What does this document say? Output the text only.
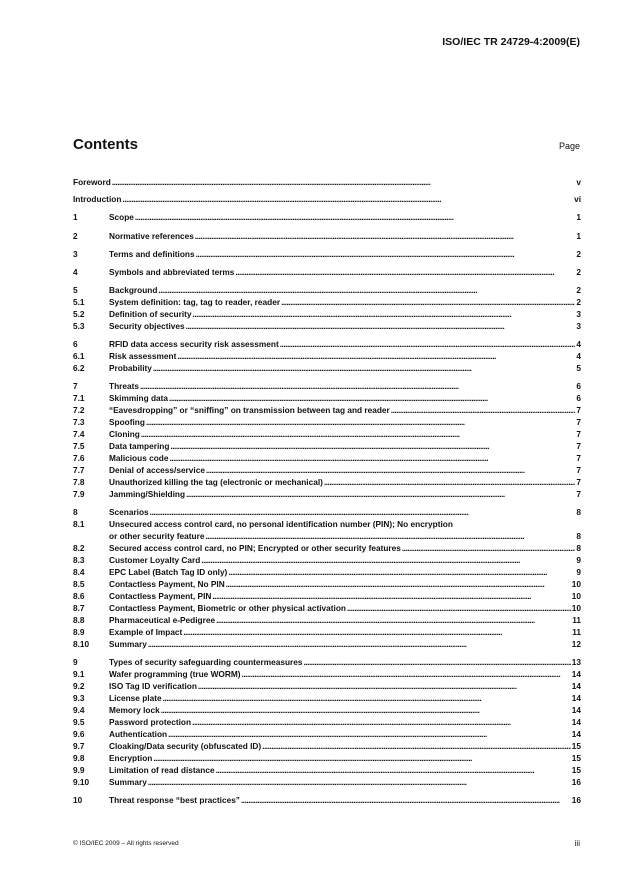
ISO/IEC TR 24729-4:2009(E)
Contents	Page
Foreword . . .	v
Introduction . . .	vi
1	Scope . . .	1
2	Normative references . . .	1
3	Terms and definitions . . .	2
4	Symbols and abbreviated terms . . .	2
5	Background . . .	2
5.1	System definition: tag, tag to reader, reader . . .	2
5.2	Definition of security . . .	3
5.3	Security objectives . . .	3
6	RFID data access security risk assessment . . .	4
6.1	Risk assessment . . .	4
6.2	Probability . . .	5
7	Threats . . .	6
7.1	Skimming data . . .	6
7.2	“Eavesdropping” or “sniffing” on transmission between tag and reader . . .	7
7.3	Spoofing . . .	7
7.4	Cloning . . .	7
7.5	Data tampering . . .	7
7.6	Malicious code . . .	7
7.7	Denial of access/service . . .	7
7.8	Unauthorized killing the tag (electronic or mechanical) . . .	7
7.9	Jamming/Shielding . . .	7
8	Scenarios . . .	8
8.1	Unsecured access control card, no personal identification number (PIN); No encryption
or other security feature . . .	8
8.2	Secured access control card, no PIN; Encrypted or other security features . . .	8
8.3	Customer Loyalty Card . . .	9
8.4	EPC Label (Batch Tag ID only) . . .	9
8.5	Contactless Payment, No PIN . . .	10
8.6	Contactless Payment, PIN . . .	10
8.7	Contactless Payment, Biometric or other physical activation . . .	10
8.8	Pharmaceutical e-Pedigree . . .	11
8.9	Example of Impact . . .	11
8.10	Summary . . .	12
9	Types of security safeguarding countermeasures . . .	13
9.1	Wafer programming (true WORM) . . .	14
9.2	ISO Tag ID verification . . .	14
9.3	License plate . . .	14
9.4	Memory lock . . .	14
9.5	Password protection . . .	14
9.6	Authentication . . .	14
9.7	Cloaking/Data security (obfuscated ID) . . .	15
9.8	Encryption . . .	15
9.9	Limitation of read distance . . .	15
9.10	Summary . . .	16
10	Threat response “best practices” . . .	16
© ISO/IEC 2009 – All rights reserved	iii
